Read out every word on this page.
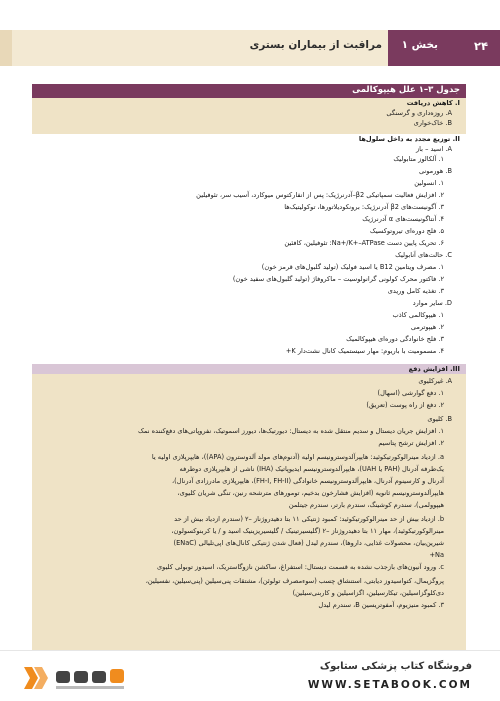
مراقبت از بیماران بستری بخش ۱	۲۴
جدول ۳–۱ علل هیپوکالمی
I. کاهش دریافت
A. روزه‌داری و گرسنگی
B. خاک‌خواری
II. توزیع مجدد به داخل سلول‌ها
A. اسید – باز
۱. آلکالوز متابولیک
B. هورمونی
۱. انسولین
۲. افزایش فعالیت سمپاتیکی β2–آدرنرژیک: پس از انفارکتوس میوکارد، آسیب سر، تئوفیلین
۳. آگونیست‌های β2 آدرنرژیک: برونکودیلاتورها، توکولیتیک‌ها
۴. آنتاگونیست‌های α آدرنرژیک
۵. فلج دوره‌ای تیروتوکسیک
۶. تحریک پایین دست Na+/K+–ATPase: تئوفیلین، کافئین
C. حالت‌های آنابولیک
۱. مصرف ویتامین B12 یا اسید فولیک (تولید گلبول‌های قرمز خون)
۲. فاکتور محرک کولونی گرانولوسیت – ماکروفاژ (تولید گلبول‌های سفید خون)
۳. تغذیه کامل وریدی
D. سایر موارد
۱. هیپوکالمی کاذب
۲. هیپوترمی
۳. فلج خانوادگی دوره‌ای هیپوکالمیک
۴. مسمومیت با باریوم: مهار سیستمیک کانال نشت‌دار K+
III. افزایش دفع
A. غیرکلیوی
۱. دفع گوارشی (اسهال)
۲. دفع از راه پوست (تعریق)
B. کلیوی
۱. افزایش جریان دیستال و سدیم منتقل شده به دیستال: دیورتیک‌ها، دیورز اسموتیک، نفروپاتی‌های دفع‌کننده نمک
۲. افزایش ترشح پتاسیم
a. ازدیاد مینرالوکورتیکوئید: هایپرآلدوسترونیسم اولیه (آدنوم‌های مولد آلدوسترون (APA))، هایپرپلازی اولیه یا
یک‌طرفه آدرنال (PAH یا UAH)، هایپرآلدوسترونیسم ایدیوپاتیک (IHA) ناشی از هایپرپلازی دوطرفه
آدرنال و کارسینوم آدرنال، هایپرآلدوسترونیسم خانوادگی (FH-I, FH-II)، هایپرپلازی مادرزادی آدرنال)،
هایپرآلدوسترونیسم ثانویه (افزایش فشارخون بدخیم، تومورهای مترشحه رنین، تنگی شریان کلیوی،
هیپوولمی)، سندرم کوشینگ، سندرم بارتر، سندرم جیتلمن
b. ازدیاد بیش از حد مینرالوکورتیکوئید: کمبود ژنتیکی ۱۱ بتا دهیدروژناز –۲ (سندرم ازدیاد بیش از حد
مینرالوکورتیکوئید)، مهار ۱۱ بتا دهیدروژناز –۲ (گلیسیرتینیک / گلیسیریزینیک اسید و / یا کربنوکسولون،
شیرین‌بیان، محصولات غذایی، داروها)، سندرم لیدل (فعال شدن ژنتیکی کانال‌های اپی‌تلیالی (ENaC)
Na+
c. ورود آنیون‌های بازجذب نشده به قسمت دیستال: استفراغ، ساکشن نازوگاستریک، اسیدوز توبولی کلیوی
پروگزیمال، کتواسیدوز دیابتی، استنشاق چسب (سوءمصرف تولوئن)، مشتقات پنی‌سیلین (پنی‌سیلین، نفسیلین،
دی‌کلوگزاسیلین، تیکارسیلین، اگزاسیلین و کاربنی‌سیلین)
۳. کمبود منیزیوم، آمفوتریسین B، سندرم لیدل
فروشگاه کتاب پزشکی ستابوک
WWW.SETABOOK.COM
